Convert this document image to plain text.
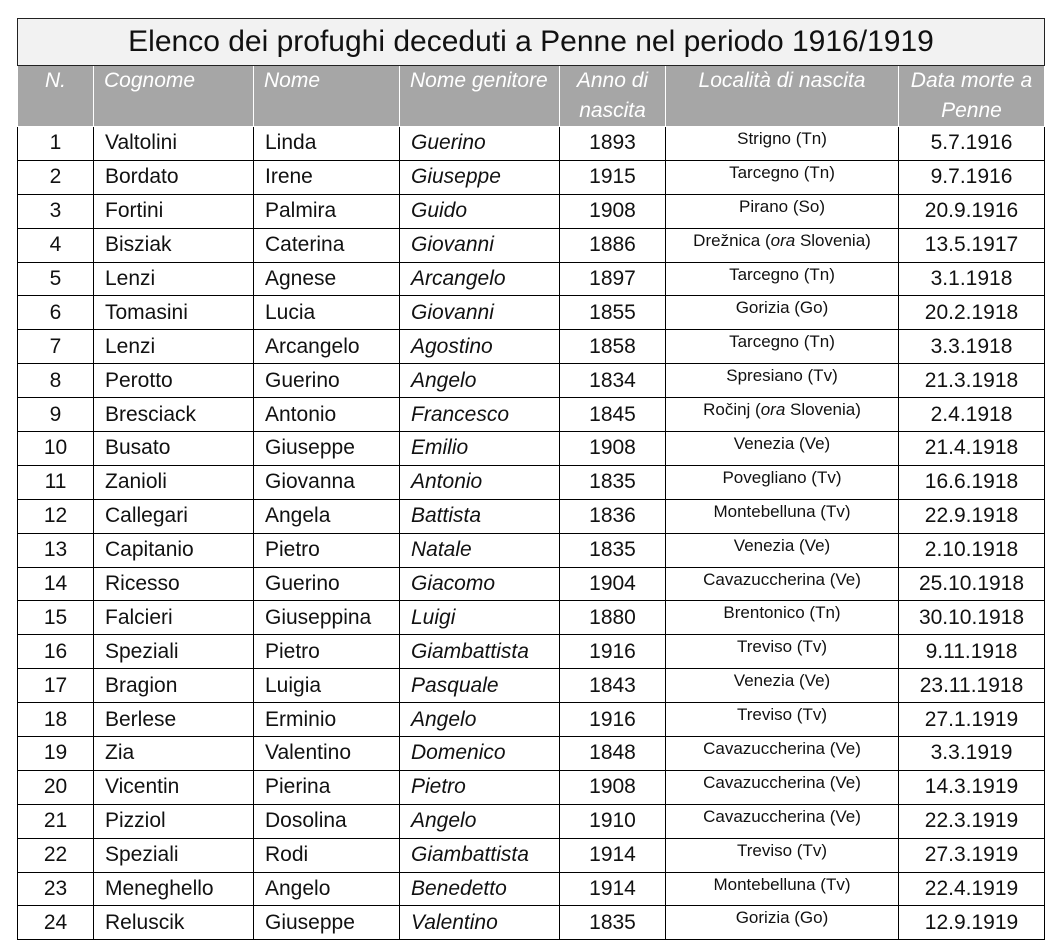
Elenco dei profughi deceduti a Penne nel periodo 1916/1919						
N.	Cognome	Nome	Nome genitore	Anno di nascita	Località di nascita	Data morte a Penne
1	Valtolini	Linda	Guerino	1893	Strigno (Tn)	5.7.1916
2	Bordato	Irene	Giuseppe	1915	Tarcegno (Tn)	9.7.1916
3	Fortini	Palmira	Guido	1908	Pirano (So)	20.9.1916
4	Bisziak	Caterina	Giovanni	1886	Drežnica (ora Slovenia)	13.5.1917
5	Lenzi	Agnese	Arcangelo	1897	Tarcegno (Tn)	3.1.1918
6	Tomasini	Lucia	Giovanni	1855	Gorizia (Go)	20.2.1918
7	Lenzi	Arcangelo	Agostino	1858	Tarcegno (Tn)	3.3.1918
8	Perotto	Guerino	Angelo	1834	Spresiano (Tv)	21.3.1918
9	Bresciack	Antonio	Francesco	1845	Ročinj (ora Slovenia)	2.4.1918
10	Busato	Giuseppe	Emilio	1908	Venezia (Ve)	21.4.1918
11	Zanioli	Giovanna	Antonio	1835	Povegliano (Tv)	16.6.1918
12	Callegari	Angela	Battista	1836	Montebelluna (Tv)	22.9.1918
13	Capitanio	Pietro	Natale	1835	Venezia (Ve)	2.10.1918
14	Ricesso	Guerino	Giacomo	1904	Cavazuccherina (Ve)	25.10.1918
15	Falcieri	Giuseppina	Luigi	1880	Brentonico (Tn)	30.10.1918
16	Speziali	Pietro	Giambattista	1916	Treviso (Tv)	9.11.1918
17	Bragion	Luigia	Pasquale	1843	Venezia (Ve)	23.11.1918
18	Berlese	Erminio	Angelo	1916	Treviso (Tv)	27.1.1919
19	Zia	Valentino	Domenico	1848	Cavazuccherina (Ve)	3.3.1919
20	Vicentin	Pierina	Pietro	1908	Cavazuccherina (Ve)	14.3.1919
21	Pizziol	Dosolina	Angelo	1910	Cavazuccherina (Ve)	22.3.1919
22	Speziali	Rodi	Giambattista	1914	Treviso (Tv)	27.3.1919
23	Meneghello	Angelo	Benedetto	1914	Montebelluna (Tv)	22.4.1919
24	Reluscik	Giuseppe	Valentino	1835	Gorizia (Go)	12.9.1919
